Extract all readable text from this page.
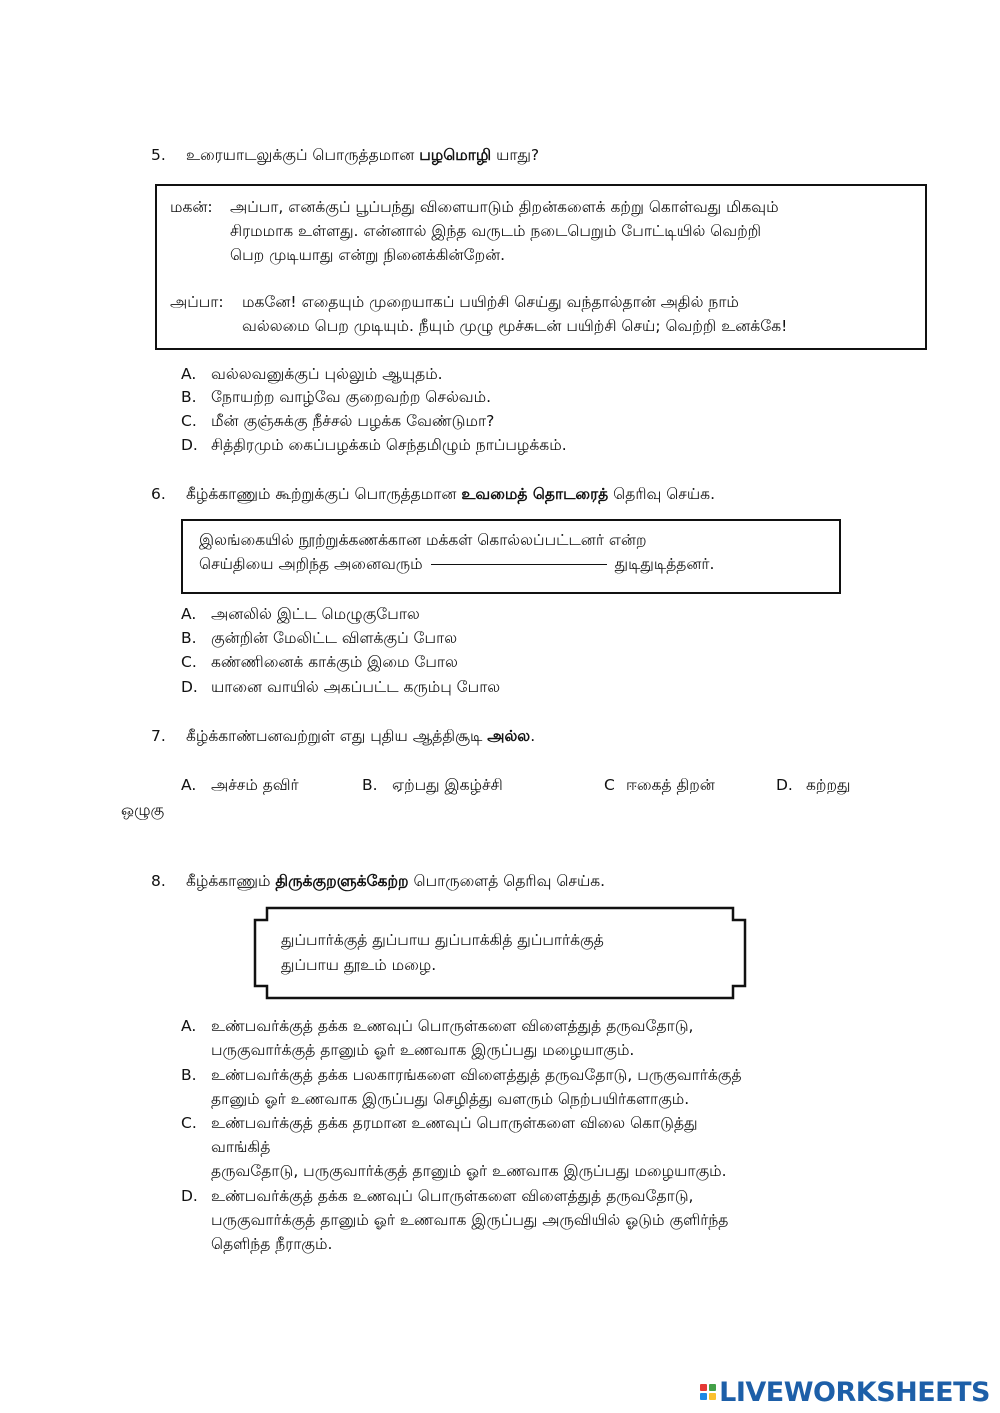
5. உரையாடலுக்குப் பொருத்தமான பழமொழி யாது?
மகன்: அப்பா, எனக்குப் பூப்பந்து விளையாடும் திறன்களைக் கற்று கொள்வது மிகவும்
சிரமமாக உள்ளது. என்னால் இந்த வருடம் நடைபெறும் போட்டியில் வெற்றி
பெற முடியாது என்று நினைக்கின்றேன்.
அப்பா: மகனே! எதையும் முறையாகப் பயிற்சி செய்து வந்தால்தான் அதில் நாம்
வல்லமை பெற முடியும். நீயும் முழு மூச்சுடன் பயிற்சி செய்; வெற்றி உனக்கே!
A. வல்லவனுக்குப் புல்லும் ஆயுதம்.
B. நோயற்ற வாழ்வே குறைவற்ற செல்வம்.
C. மீன் குஞ்சுக்கு நீச்சல் பழக்க வேண்டுமா?
D. சித்திரமும் கைப்பழக்கம் செந்தமிழும் நாப்பழக்கம்.
6. கீழ்க்காணும் கூற்றுக்குப் பொருத்தமான உவமைத் தொடரைத் தெரிவு செய்க.
இலங்கையில் நூற்றுக்கணக்கான மக்கள் கொல்லப்பட்டனர் என்ற
செய்தியை அறிந்த அனைவரும்	துடிதுடித்தனர்.
A. அனலில் இட்ட மெழுகுபோல
B. குன்றின் மேலிட்ட விளக்குப் போல
C. கண்ணினைக் காக்கும் இமை போல
D. யானை வாயில் அகப்பட்ட கரும்பு போல
7. கீழ்க்காண்பனவற்றுள் எது புதிய ஆத்திசூடி அல்ல.
A. அச்சம் தவிர்	B. ஏற்பது இகழ்ச்சி	C ஈகைத் திறன்	D. கற்றது
ஒழுகு
8. கீழ்க்காணும் திருக்குறளுக்கேற்ற பொருளைத் தெரிவு செய்க.
துப்பார்க்குத் துப்பாய துப்பாக்கித் துப்பார்க்குத்
துப்பாய தூஉம் மழை.
A. உண்பவர்க்குத் தக்க உணவுப் பொருள்களை விளைத்துத் தருவதோடு,
பருகுவார்க்குத் தானும் ஓர் உணவாக இருப்பது மழையாகும்.
B. உண்பவர்க்குத் தக்க பலகாரங்களை விளைத்துத் தருவதோடு, பருகுவார்க்குத்
தானும் ஓர் உணவாக இருப்பது செழித்து வளரும் நெற்பயிர்களாகும்.
C. உண்பவர்க்குத் தக்க தரமான உணவுப் பொருள்களை விலை கொடுத்து
வாங்கித்
தருவதோடு, பருகுவார்க்குத் தானும் ஓர் உணவாக இருப்பது மழையாகும்.
D. உண்பவர்க்குத் தக்க உணவுப் பொருள்களை விளைத்துத் தருவதோடு,
பருகுவார்க்குத் தானும் ஓர் உணவாக இருப்பது அருவியில் ஓடும் குளிர்ந்த
தெளிந்த நீராகும்.
LIVEWORKSHEETS
